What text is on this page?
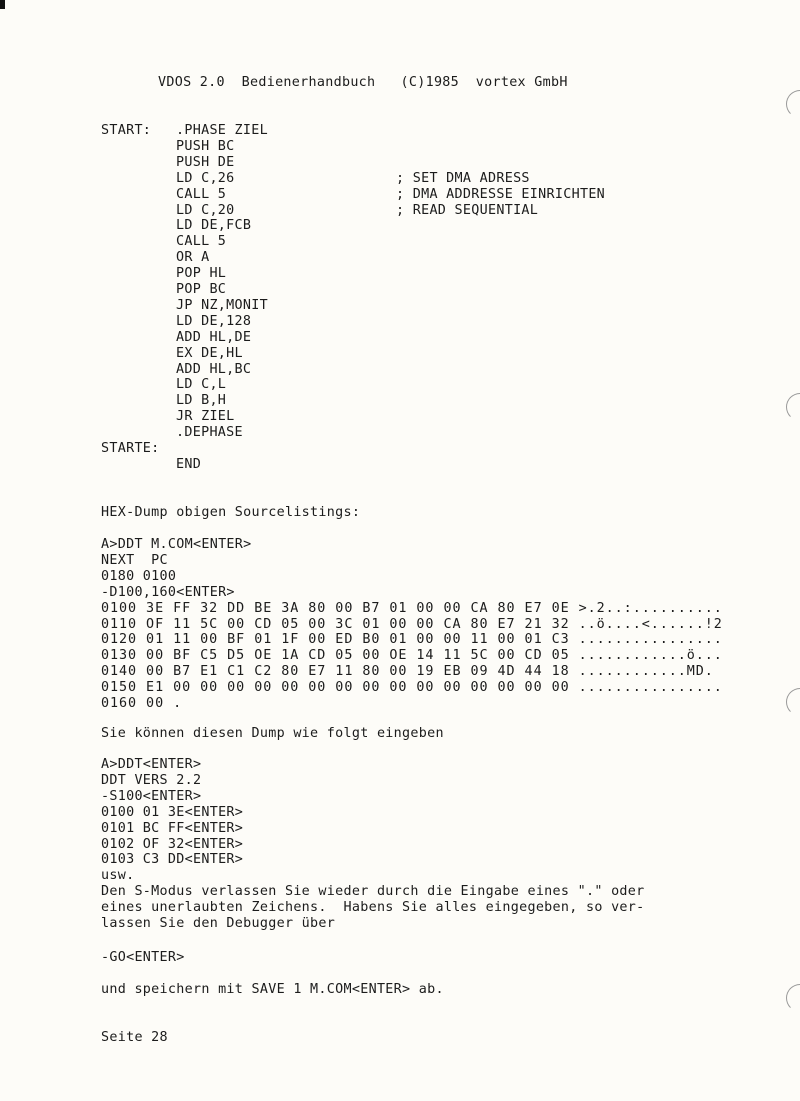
VDOS 2.0  Bedienerhandbuch   (C)1985  vortex GmbH
.PHASE ZIEL
PUSH BC
PUSH DE
LD C,26
CALL 5
LD C,20
LD DE,FCB
CALL 5
OR A
POP HL
POP BC
JP NZ,MONIT
LD DE,128
ADD HL,DE
EX DE,HL
ADD HL,BC
LD C,L
LD B,H
JR ZIEL
.DEPHASE
END
START:
STARTE:
; SET DMA ADRESS
; DMA ADDRESSE EINRICHTEN
; READ SEQUENTIAL
HEX-Dump obigen Sourcelistings:
A>DDT M.COM<ENTER>
NEXT  PC
0180 0100
-D100,160<ENTER>
0100 3E FF 32 DD BE 3A 80 00 B7 01 00 00 CA 80 E7 0E >.2..:..........
0110 OF 11 5C 00 CD 05 00 3C 01 00 00 CA 80 E7 21 32 ..ö....<......!2
0120 01 11 00 BF 01 1F 00 ED B0 01 00 00 11 00 01 C3 ................
0130 00 BF C5 D5 OE 1A CD 05 00 OE 14 11 5C 00 CD 05 ............ö...
0140 00 B7 E1 C1 C2 80 E7 11 80 00 19 EB 09 4D 44 18 ............MD.
0150 E1 00 00 00 00 00 00 00 00 00 00 00 00 00 00 00 ................
0160 00 .
Sie können diesen Dump wie folgt eingeben
A>DDT<ENTER>
DDT VERS 2.2
-S100<ENTER>
0100 01 3E<ENTER>
0101 BC FF<ENTER>
0102 OF 32<ENTER>
0103 C3 DD<ENTER>
usw.
Den S-Modus verlassen Sie wieder durch die Eingabe eines "." oder
eines unerlaubten Zeichens.  Habens Sie alles eingegeben, so ver-
lassen Sie den Debugger über
-GO<ENTER>
und speichern mit SAVE 1 M.COM<ENTER> ab.
Seite 28
